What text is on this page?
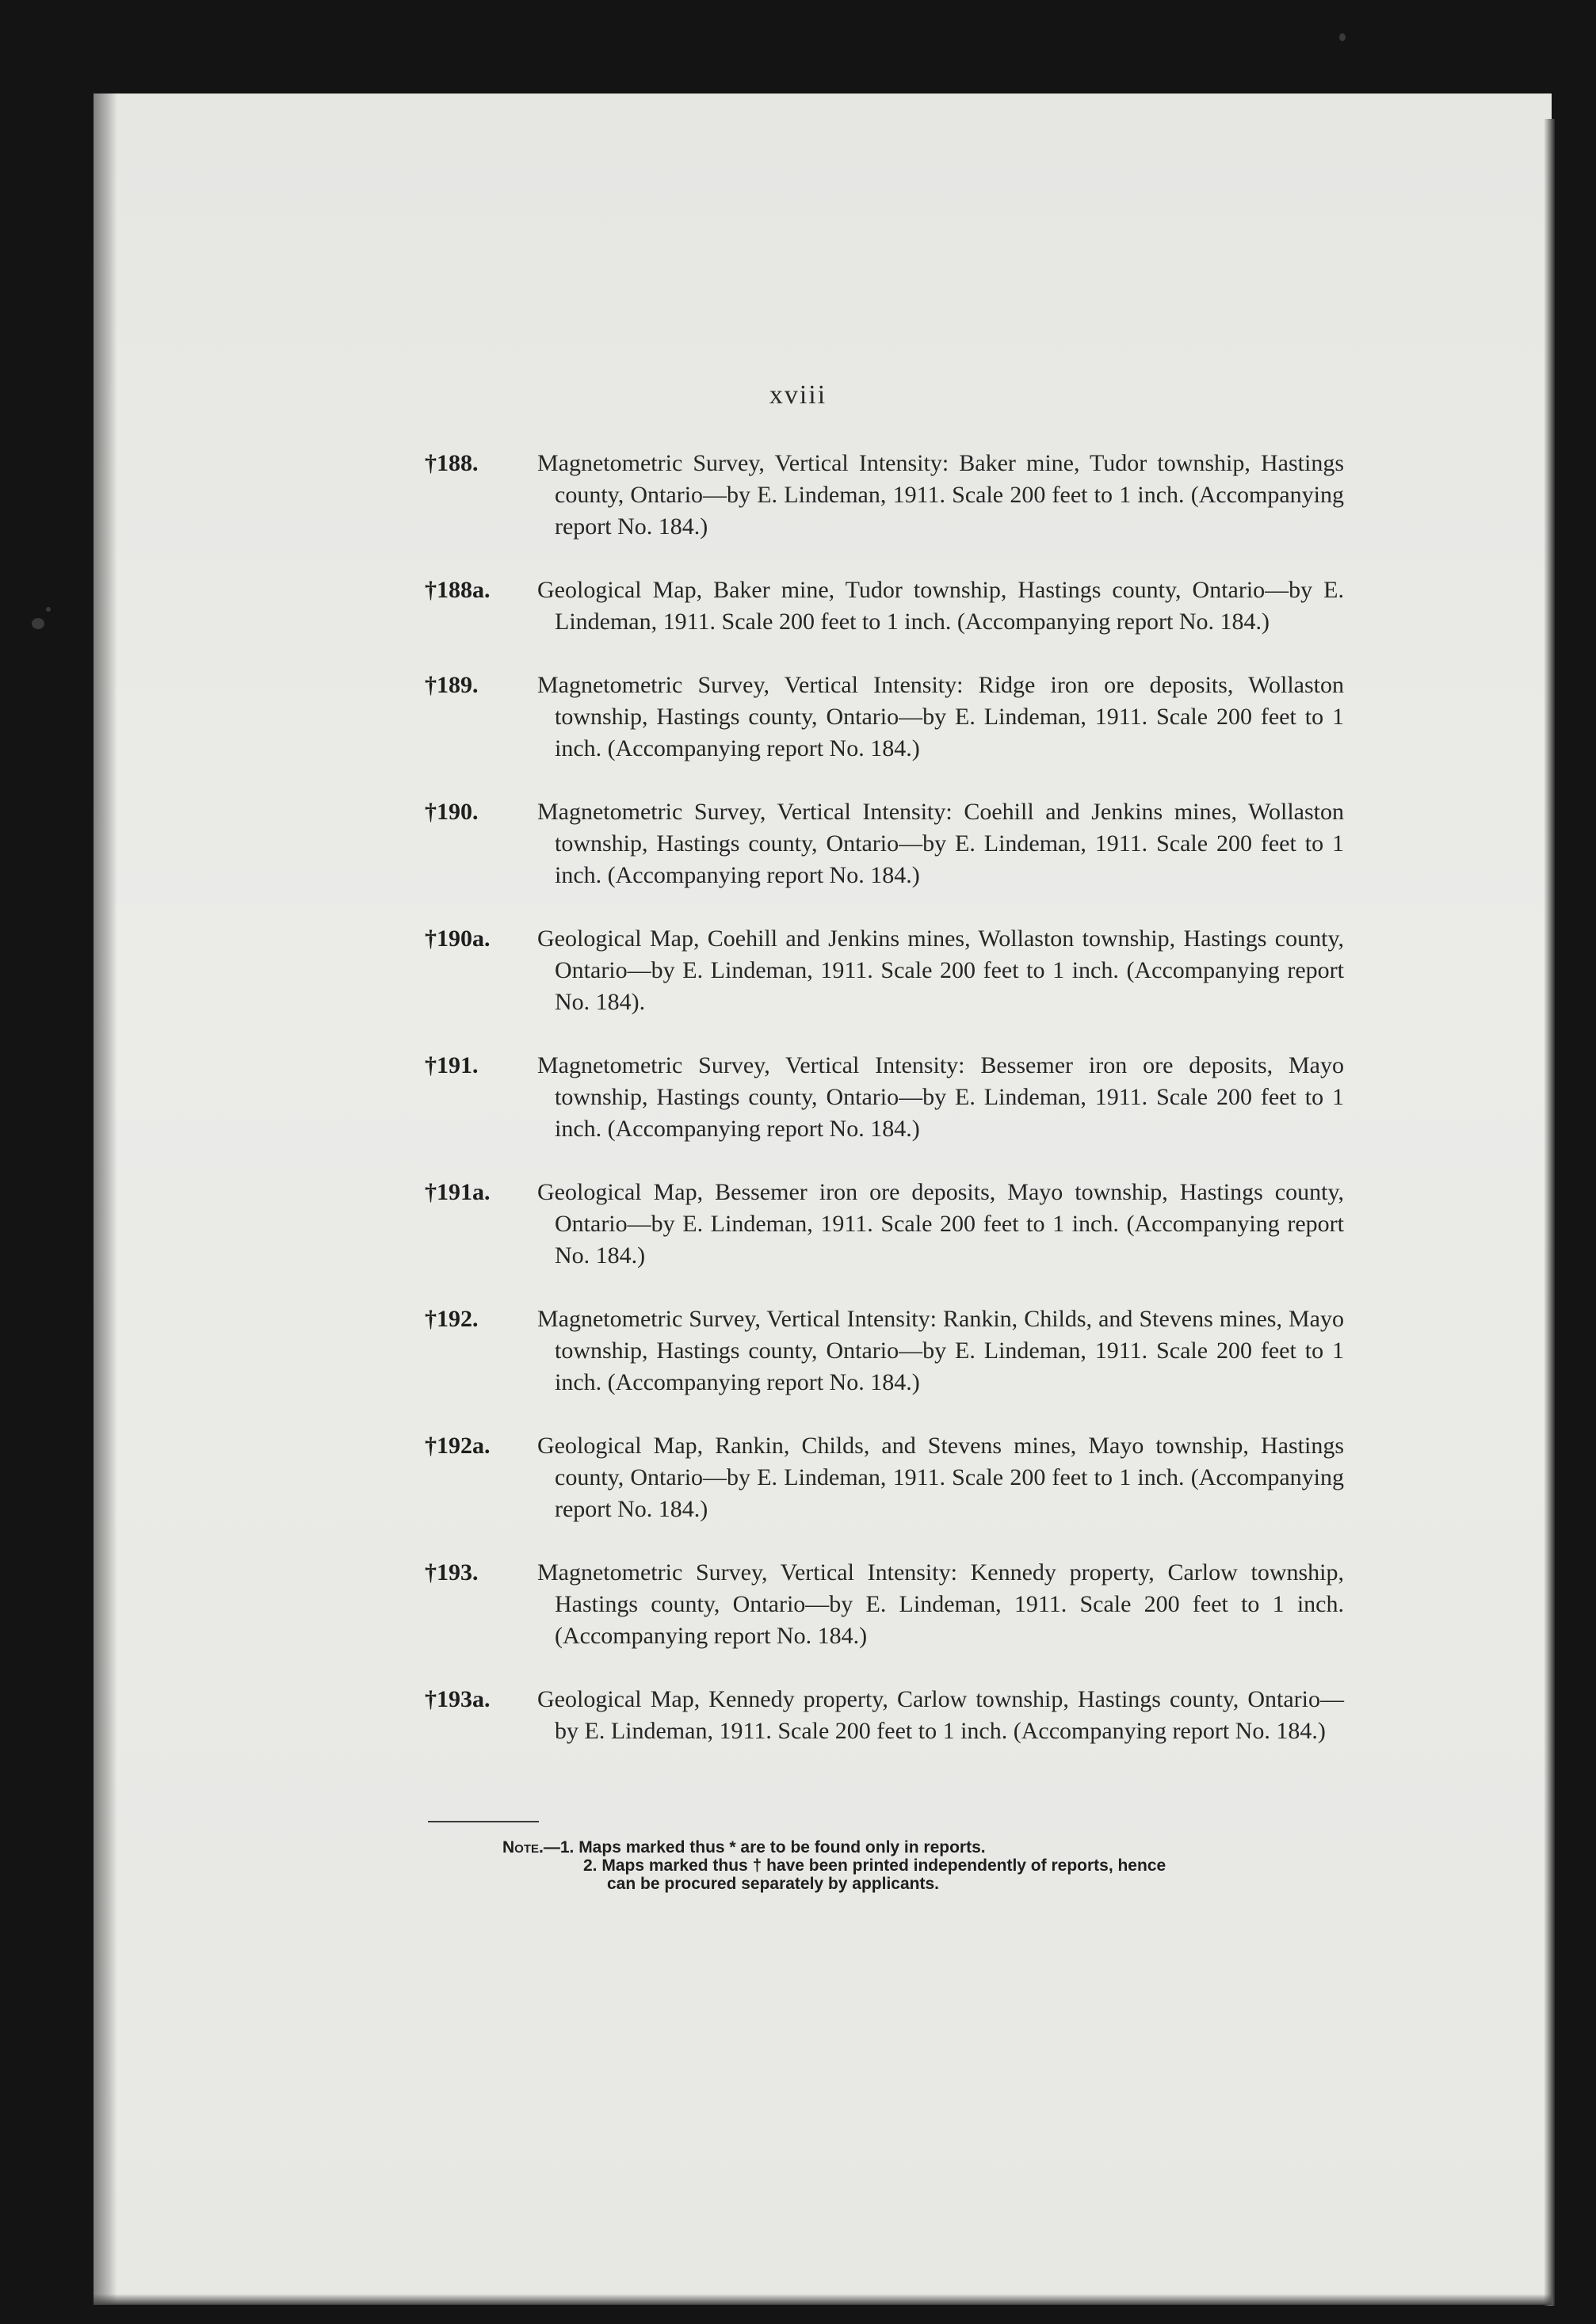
xviii
†188. Magnetometric Survey, Vertical Intensity: Baker mine, Tudor township, Hastings county, Ontario—by E. Lindeman, 1911. Scale 200 feet to 1 inch. (Accompanying report No. 184.)
†188a. Geological Map, Baker mine, Tudor township, Hastings county, Ontario—by E. Lindeman, 1911. Scale 200 feet to 1 inch. (Accompanying report No. 184.)
†189. Magnetometric Survey, Vertical Intensity: Ridge iron ore deposits, Wollaston township, Hastings county, Ontario—by E. Lindeman, 1911. Scale 200 feet to 1 inch. (Accompanying report No. 184.)
†190. Magnetometric Survey, Vertical Intensity: Coehill and Jenkins mines, Wollaston township, Hastings county, Ontario—by E. Lindeman, 1911. Scale 200 feet to 1 inch. (Accompanying report No. 184.)
†190a. Geological Map, Coehill and Jenkins mines, Wollaston township, Hastings county, Ontario—by E. Lindeman, 1911. Scale 200 feet to 1 inch. (Accompanying report No. 184).
†191. Magnetometric Survey, Vertical Intensity: Bessemer iron ore deposits, Mayo township, Hastings county, Ontario—by E. Lindeman, 1911. Scale 200 feet to 1 inch. (Accompanying report No. 184.)
†191a. Geological Map, Bessemer iron ore deposits, Mayo township, Hastings county, Ontario—by E. Lindeman, 1911. Scale 200 feet to 1 inch. (Accompanying report No. 184.)
†192. Magnetometric Survey, Vertical Intensity: Rankin, Childs, and Stevens mines, Mayo township, Hastings county, Ontario—by E. Lindeman, 1911. Scale 200 feet to 1 inch. (Accompanying report No. 184.)
†192a. Geological Map, Rankin, Childs, and Stevens mines, Mayo township, Hastings county, Ontario—by E. Lindeman, 1911. Scale 200 feet to 1 inch. (Accompanying report No. 184.)
†193. Magnetometric Survey, Vertical Intensity: Kennedy property, Carlow township, Hastings county, Ontario—by E. Lindeman, 1911. Scale 200 feet to 1 inch. (Accompanying report No. 184.)
†193a. Geological Map, Kennedy property, Carlow township, Hastings county, Ontario—by E. Lindeman, 1911. Scale 200 feet to 1 inch. (Accompanying report No. 184.)
Note.—1. Maps marked thus * are to be found only in reports.
2. Maps marked thus † have been printed independently of reports, hence
can be procured separately by applicants.
